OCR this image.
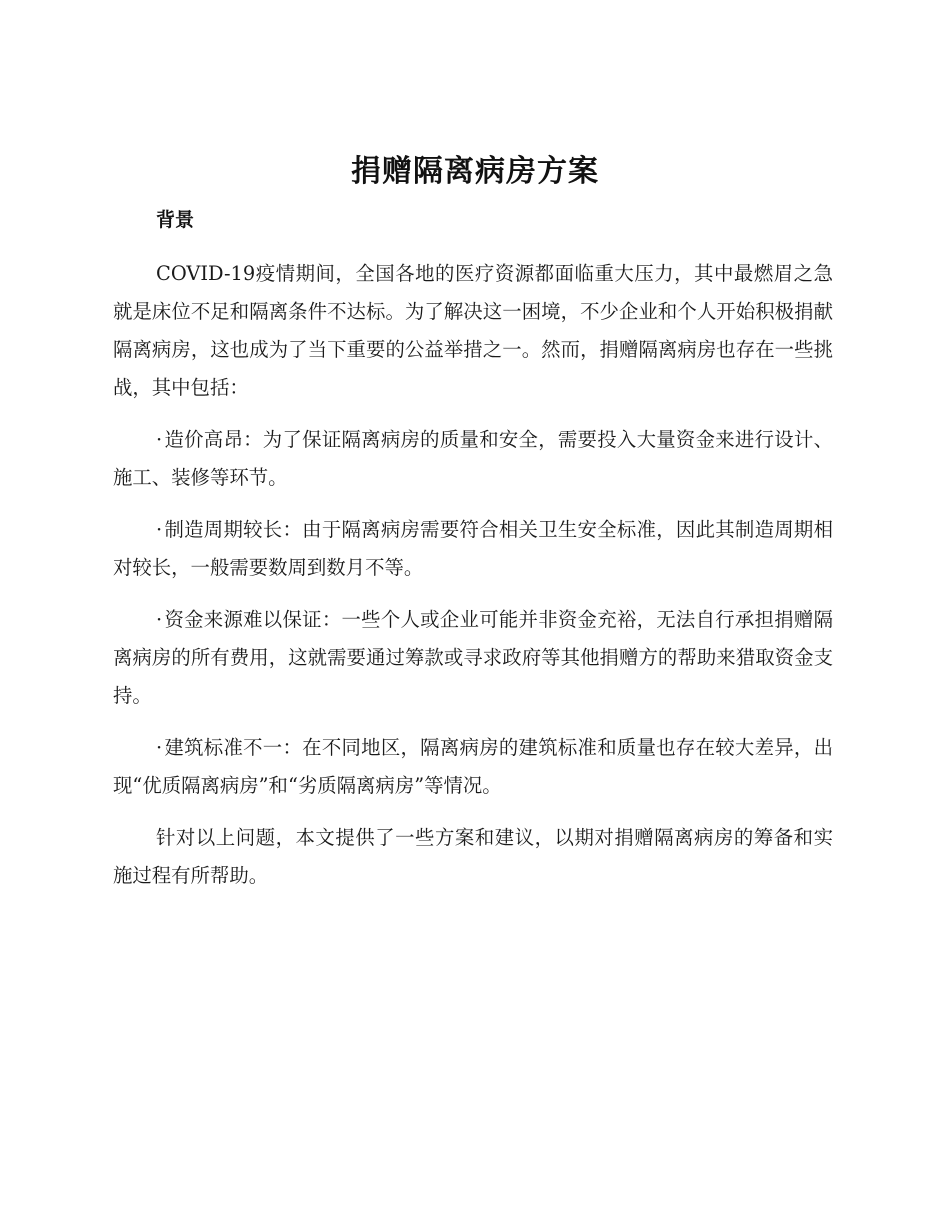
捐赠隔离病房方案
背景

COVID-19疫情期间，全国各地的医疗资源都面临重大压力，其中最燃眉之急就是床位不足和隔离条件不达标。为了解决这一困境，不少企业和个人开始积极捐献隔离病房，这也成为了当下重要的公益举措之一。然而，捐赠隔离病房也存在一些挑战，其中包括：

· 造价高昂：为了保证隔离病房的质量和安全，需要投入大量资金来进行设计、施工、装修等环节。

· 制造周期较长：由于隔离病房需要符合相关卫生安全标准，因此其制造周期相对较长，一般需要数周到数月不等。

· 资金来源难以保证：一些个人或企业可能并非资金充裕，无法自行承担捐赠隔离病房的所有费用，这就需要通过筹款或寻求政府等其他捐赠方的帮助来猎取资金支持。

· 建筑标准不一：在不同地区，隔离病房的建筑标准和质量也存在较大差异，出现“优质隔离病房”和“劣质隔离病房”等情况。

针对以上问题，本文提供了一些方案和建议，以期对捐赠隔离病房的筹备和实施过程有所帮助。
